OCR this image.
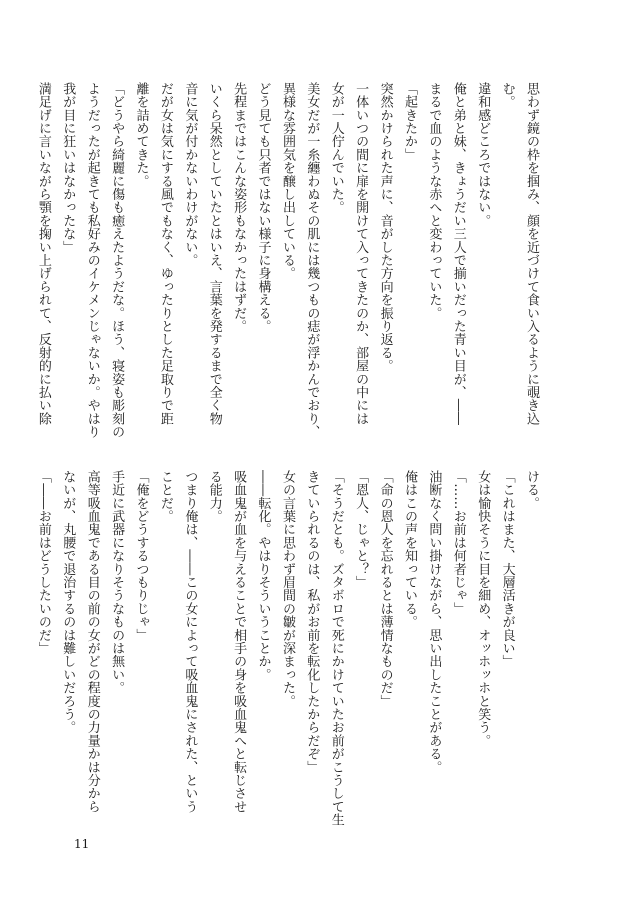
思わず鏡の枠を掴み、顔を近づけて食い入るように覗き込
む。
違和感どころではない。
俺と弟と妹、きょうだい三人で揃いだった青い目が、――
まるで血のような赤へと変わっていた。
「起きたか」
突然かけられた声に、音がした方向を振り返る。
一体いつの間に扉を開けて入ってきたのか、部屋の中には
女が一人佇んでいた。
美女だが一糸纏わぬその肌には幾つもの痣が浮かんでおり、
異様な雰囲気を醸し出している。
どう見ても只者ではない様子に身構える。
先程まではこんな姿形もなかったはずだ。
いくら呆然としていたとはいえ、言葉を発するまで全く物
音に気が付かないわけがない。
だが女は気にする風でもなく、ゆったりとした足取りで距
離を詰めてきた。
「どうやら綺麗に傷も癒えたようだな。ほう、寝姿も彫刻の
ようだったが起きても私好みのイケメンじゃないか。やはり
我が目に狂いはなかったな」
満足げに言いながら顎を掬い上げられて、反射的に払い除
ける。
「これはまた、大層活きが良い」
女は愉快そうに目を細め、オッホッホと笑う。
「……お前は何者じゃ」
油断なく問い掛けながら、思い出したことがある。
俺はこの声を知っている。
「命の恩人を忘れるとは薄情なものだ」
「恩人、じゃと？」
「そうだとも。ズタボロで死にかけていたお前がこうして生
きていられるのは、私がお前を転化したからだぞ」
女の言葉に思わず眉間の皺が深まった。
――転化。やはりそういうことか。
吸血鬼が血を与えることで相手の身を吸血鬼へと転じさせ
る能力。
つまり俺は、――この女によって吸血鬼にされた、という
ことだ。
「俺をどうするつもりじゃ」
手近に武器になりそうなものは無い。
高等吸血鬼である目の前の女がどの程度の力量かは分から
ないが、丸腰で退治するのは難しいだろう。
「――お前はどうしたいのだ」
11
